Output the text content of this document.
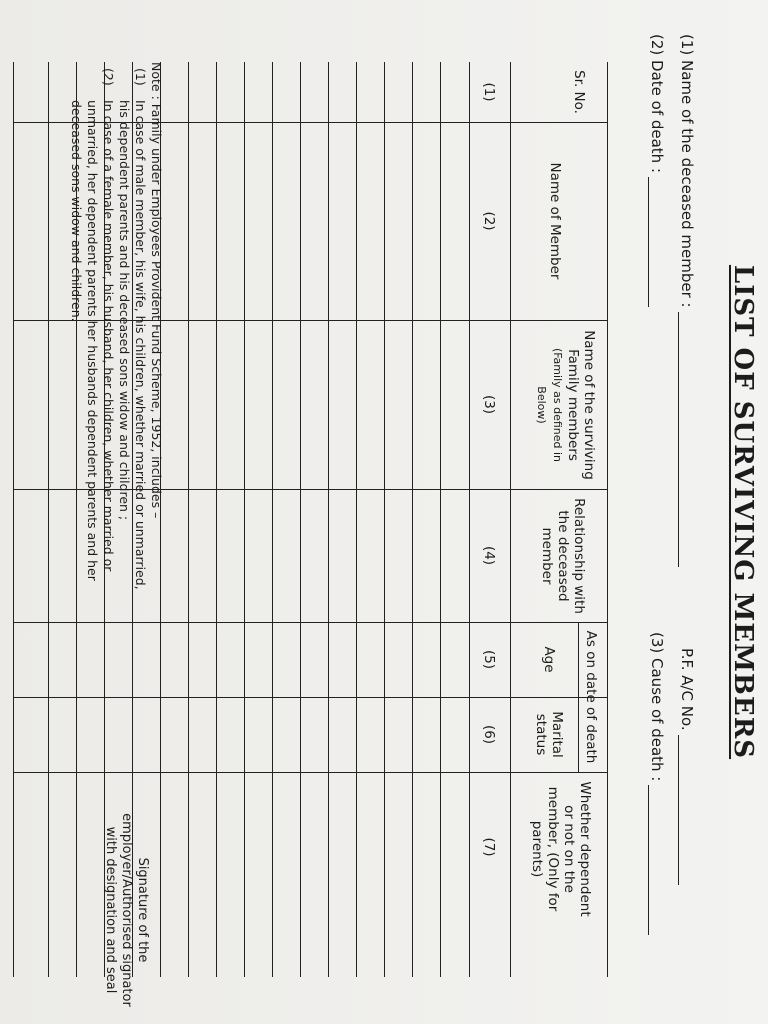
LIST OF SURVIVING MEMBERS
(1) Name of the deceased member :
P.F. A/C No.
(2) Date of death :
(3) Cause of death :
Sr. No.
Name of Member
Name of the surviving Family members
(Family as defined in Below)
Relationship with the deceased member
As on date of death
Age
Marital status
Whether dependent or not on the member, (Only for parents)
(1)
(2)
(3)
(4)
(5)
(6)
(7)
Note : Family under Employees Provident Fund Scheme, 1952, includes –
(1)
In case of male member, his wife, his children, whether married or unmarried,
his dependent parents and his deceased sons widow and children ;
(2)
In case of a female member, his husband, her children, whether married or
unmarried, her dependent parents her husbands dependent parents and her
deceased sons widow and children.
Signature of the
employer/Authorised signator
with designation and seal
